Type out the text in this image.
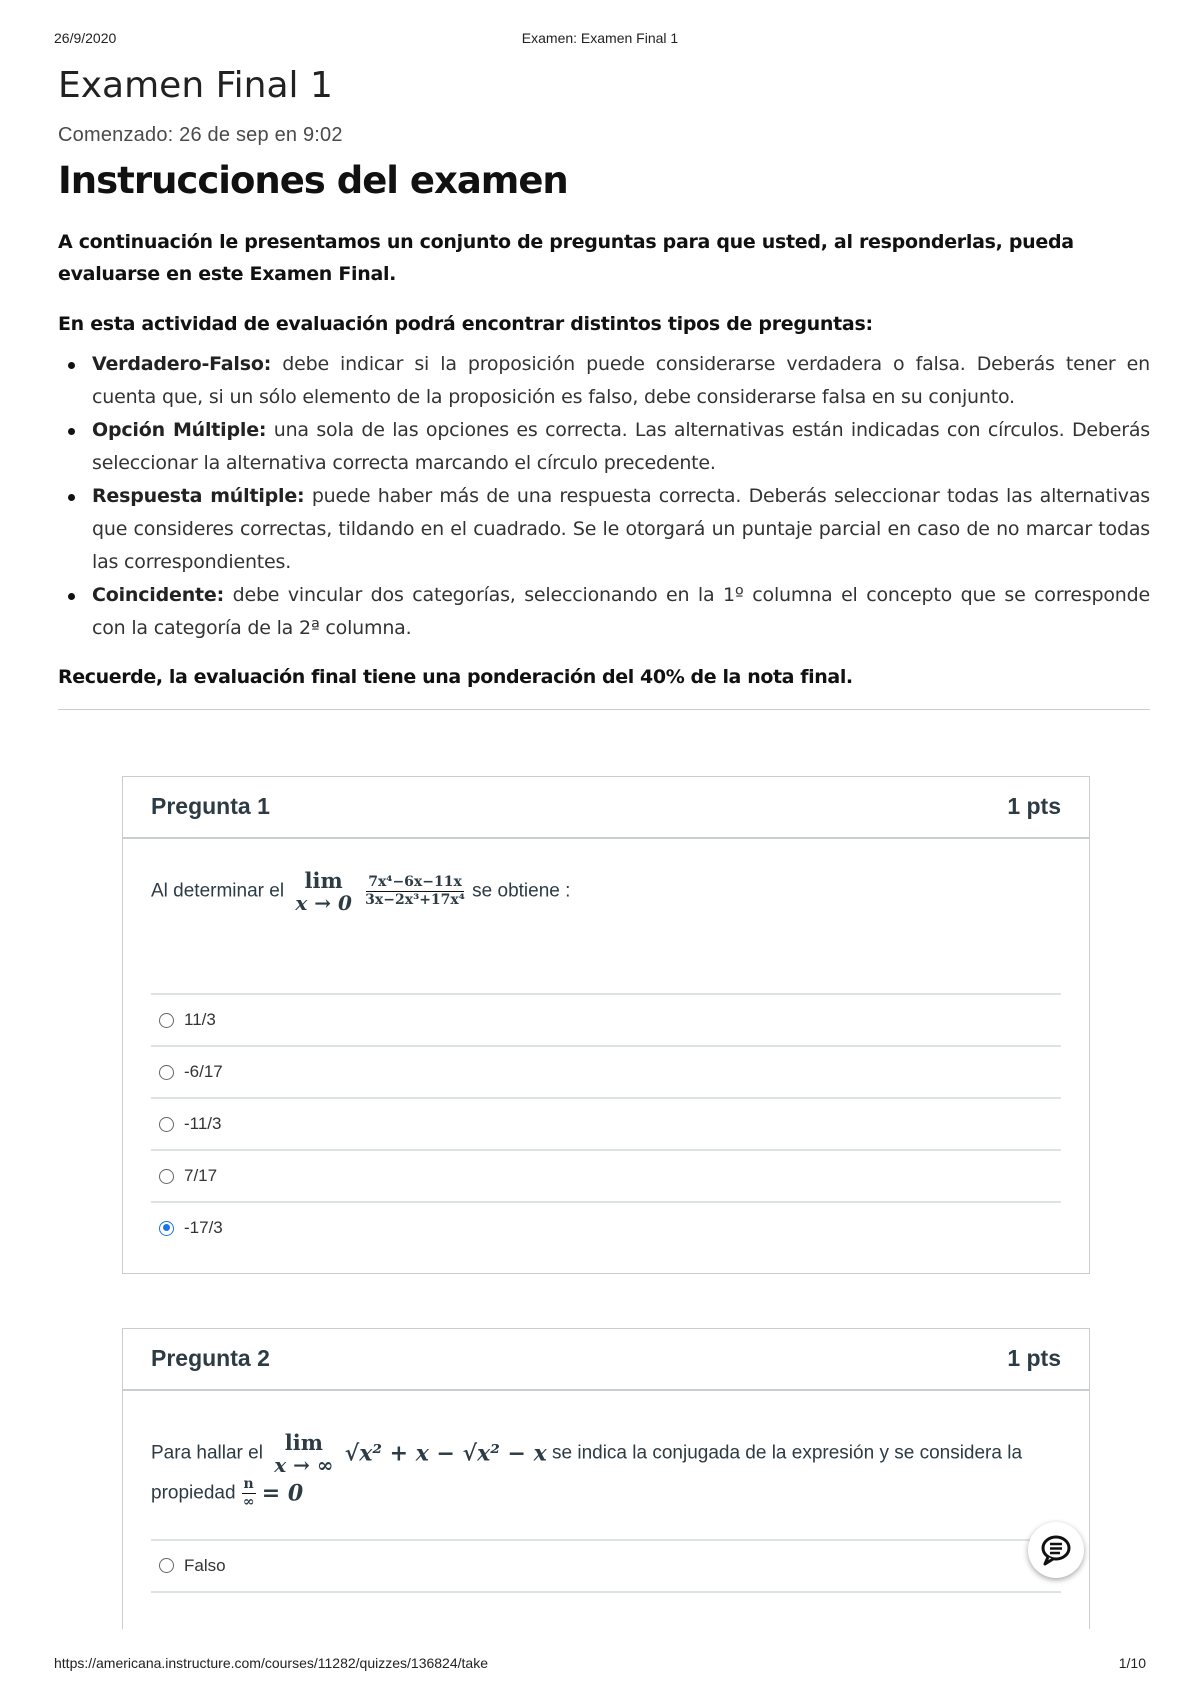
26/9/2020	Examen: Examen Final 1
Examen Final 1
Comenzado: 26 de sep en 9:02
Instrucciones del examen

A continuación le presentamos un conjunto de preguntas para que usted, al responderlas, pueda evaluarse en este Examen Final.

En esta actividad de evaluación podrá encontrar distintos tipos de preguntas:

Verdadero-Falso: debe indicar si la proposición puede considerarse verdadera o falsa. Deberás tener en cuenta que, si un sólo elemento de la proposición es falso, debe considerarse falsa en su conjunto.
Opción Múltiple: una sola de las opciones es correcta. Las alternativas están indicadas con círculos. Deberás seleccionar la alternativa correcta marcando el círculo precedente.
Respuesta múltiple: puede haber más de una respuesta correcta. Deberás seleccionar todas las alternativas que consideres correctas, tildando en el cuadrado. Se le otorgará un puntaje parcial en caso de no marcar todas las correspondientes.
Coincidente: debe vincular dos categorías, seleccionando en la 1º columna el concepto que se corresponde con la categoría de la 2ª columna.

Recuerde, la evaluación final tiene una ponderación del 40% de la nota final.

Pregunta 1	1 pts
Al determinar el lim
x → 0
$\frac{\text{7x⁴−6x−11x}}{\text{3x−2x³+17x⁴}}$ se obtiene :
11/3
-6/17
-11/3
7/17
-17/3
Pregunta 2	1 pts
Para hallar el lim
x → ∞ √x² + x − √x² − x se indica la conjugada de la expresión y se considera la propiedad $\frac{n}{\infty} = 0$
Falso
https://americana.instructure.com/courses/11282/quizzes/136824/take	1/10
